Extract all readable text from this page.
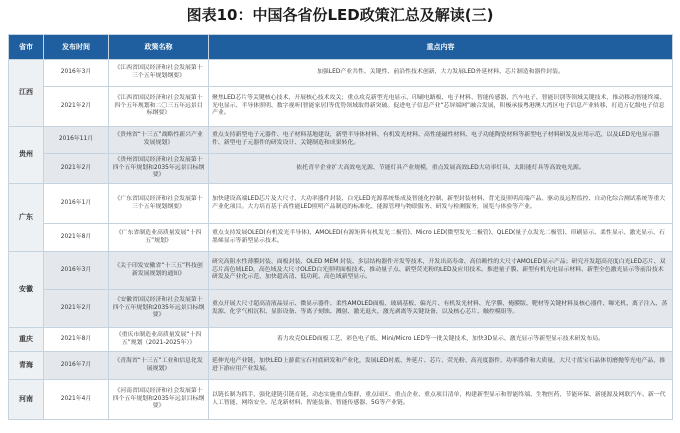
图表10：中国各省份LED政策汇总及解读(三)
省市	发布时间	政策名称	重点内容
江西	2016年3月	《江西省国民经济和社会发展第十三个五年规划纲要》	加强LED产业共性、关键性、前沿性技术创新，大力发展LED外延材料、芯片制造和器件封装。
	2021年2月	《江西省国民经济和社会发展第十四个五年规划和二〇三五年远景目标纲要》	聚焦LED芯片等关键核心技术，开展核心技术攻关；重点攻克新型光电显示、印刷电路板、电子材料、智能传感器、汽车电子、智能识别等领域关键技术，推动移动智能终端、光电显示、半导体照明、数字视听(智能家居)等优势领域取得新突破。促进电子信息产业“芯屏端网”融合发展，积极承接粤港澳大湾区电子信息产业转移，打造万亿级电子信息产业。
贵州	2016年11月	《贵州省“十三五”战略性新兴产业发展规划》	重点支持新型电子元器件、电子材料基地建设，新型半导体材料、有机发光材料、高性能磁性材料、电子功能陶瓷材料等新型电子材料研发及应用示范，以及LED光电显示器件、新型电子元器件的研发设计、关键制造和成果转化。
	2021年2月	《贵州省国民经济和社会发展第十四个五年规划和2035年远景目标纲要》	依托青平企业扩大高效电光源、节能灯具产业规模，重点发展高效LED大功率灯具、太阳能灯具等高效电光源。
广东	2016年1月	《广东省国民经济和社会发展第十三个五年规划纲要》	加快建设高端LED芯片及大尺寸、大功率器件封装、白光LED光源系统集成及智能化控制、新型封装材料、背光及照明高端产品、驱动及远程监控、自动化综合测试系统等重大产业化项目。大力培育基于高性能LED照明产品制造的标准化、能源管理与物联服务、研发与检测服务，展览与体验等产业。
	2021年8月	《广东省制造业高质量发展“十四五”规划》	重点支持发展OLED(有机发光半导体)、AMOLED(有源矩阵有机发光二极管)、Micro LED(微型发光二极管)、QLED(量子点发光二极管)、印刷显示、柔性显示、激光显示、石墨烯显示等新型显示技术。
安徽	2016年3月	《关于印发安徽省“十三五”科技创新发展规划的通知》	研究高阻水性薄膜封装、面板封装、OLED MEM 封装、多层结构器件开发等技术，开发出高寿命、高信赖性的大尺寸AMOLED显示产品；研究开发超高亮度白光LED芯片、双芯片高色域LED，高色域及大尺寸OLED白光照明面板技术，推动量子点、新型荧光粉的LED及应用技术。推进量子膜、新型有机光电显示材料、新型全色激光显示等前沿技术研发及产业化示范，加快超高清、低功耗、高色域新型显示。
	2021年2月	《安徽省国民经济和社会发展第十四个五年规划和2035年远景目标纲要》	重点开展大尺寸超高清液晶显示、微显示器件、柔性AMOLED面板、玻璃基板、偏光片、有机发光材料、光学膜、掩膜版、靶材等关键材料及核心器件、曝光机、离子注入、蒸发源、化学气相沉积、显影设备、等离子刻蚀、溅射、激光退火、激光剥离等关键设备，以及核心芯片、触控模组等。
重庆	2021年8月	《重庆市制造业高质量发展“十四五”规划（2021-2025年）》	着力攻克OLED面板工艺、彩色电子纸、Mini/Micro LED等一批关键技术，加快3D显示、激光显示等新型显示技术研发布局。
青海	2016年7月	《青海省“十三五”工业和信息化发展规划》	延伸光电产业链，加快LED上游蓝宝石衬底研发和产业化，发展LED衬底、外延片、芯片、荧光粉、高亮度器件、功率器件和大质量、大尺寸蓝宝石晶体切磨抛等光电产品，推进下游应用产业发展。
河南	2021年4月	《河南省国民经济和社会发展第十四个五年规划和2035年远景目标纲要》	以链长制为抓手，强化建链引链育链，动态实施重点集群、重点园区、重点企业、重点项目清单，构建新型显示和智能终端、生物医药、节能环保、新能源及网联汽车、新一代人工智能、网络安全、尼龙新材料、智能装备、智能传感器、5G等产业链。
